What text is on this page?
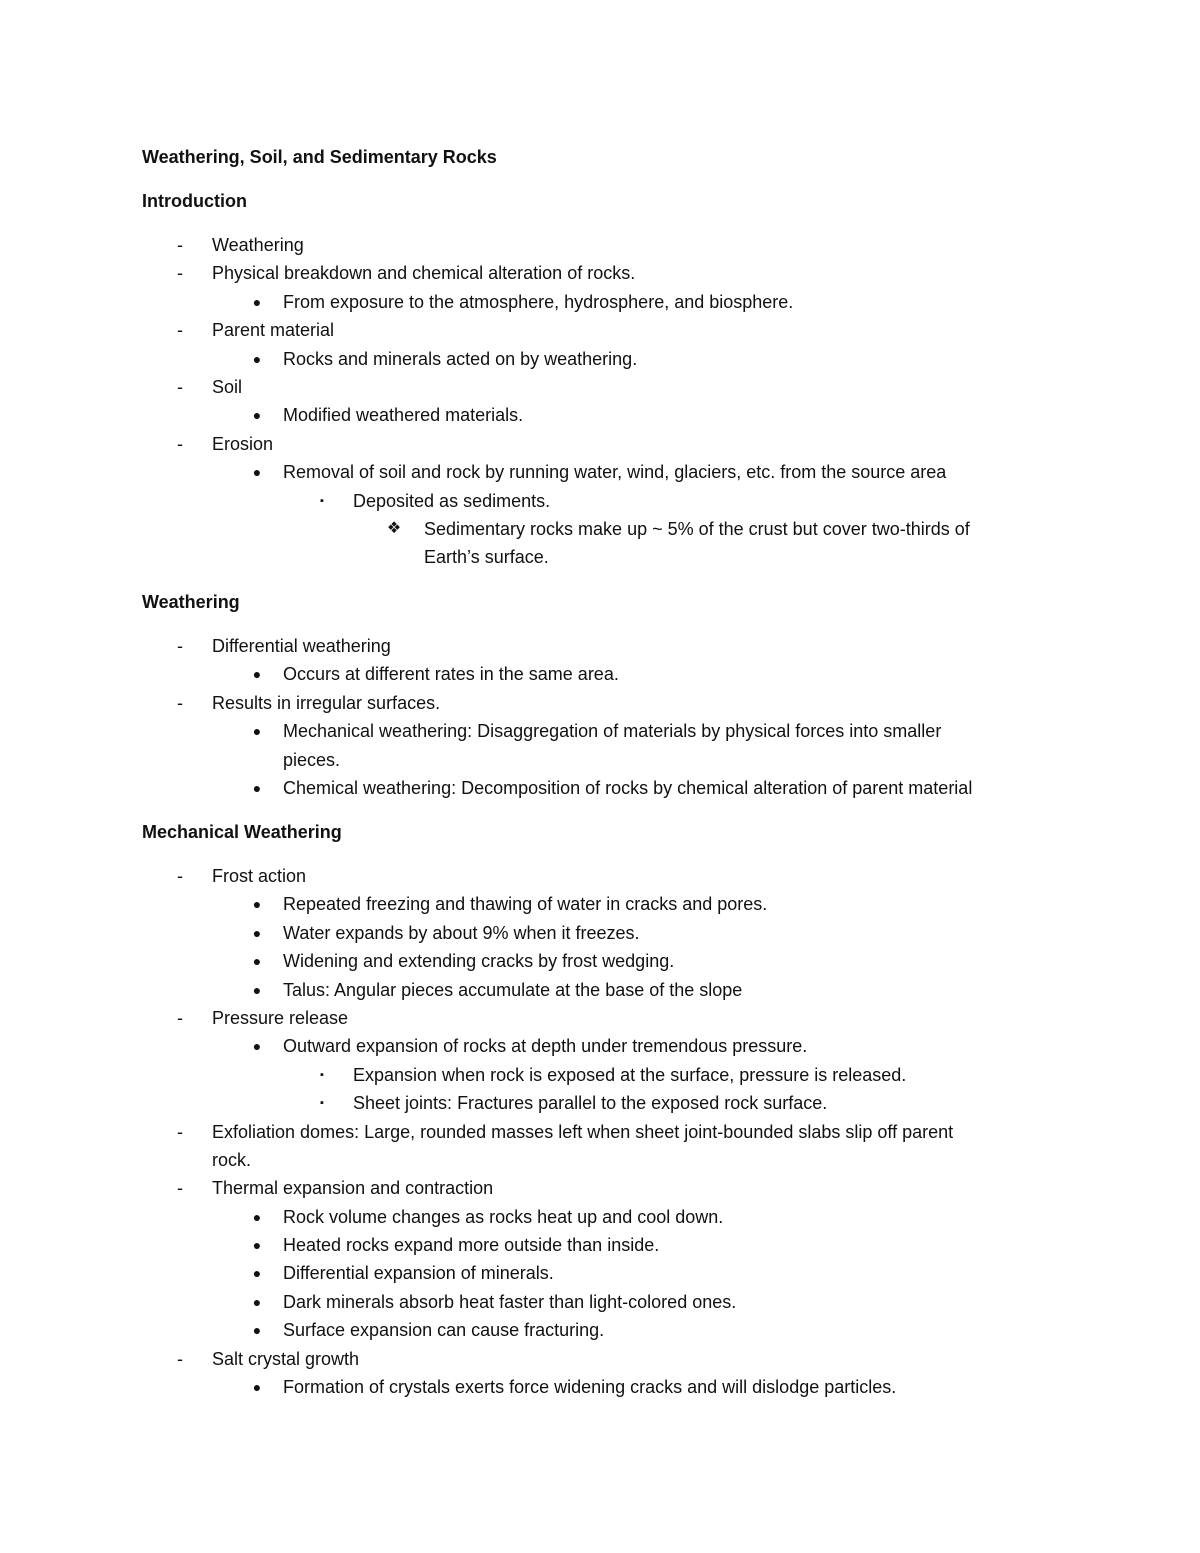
Weathering, Soil, and Sedimentary Rocks
Introduction
-	Weathering
-	Physical breakdown and chemical alteration of rocks.
●	From exposure to the atmosphere, hydrosphere, and biosphere.
-	Parent material
●	Rocks and minerals acted on by weathering.
-	Soil
●	Modified weathered materials.
-	Erosion
●	Removal of soil and rock by running water, wind, glaciers, etc. from the source area
▪	Deposited as sediments.
❖ Sedimentary rocks make up ~ 5% of the crust but cover two-thirds of
Earth’s surface.
Weathering
-	Differential weathering
●	Occurs at different rates in the same area.
-	Results in irregular surfaces.
●	Mechanical weathering: Disaggregation of materials by physical forces into smaller
pieces.
●	Chemical weathering: Decomposition of rocks by chemical alteration of parent material
Mechanical Weathering
-	Frost action
●	Repeated freezing and thawing of water in cracks and pores.
●	Water expands by about 9% when it freezes.
●	Widening and extending cracks by frost wedging.
●	Talus: Angular pieces accumulate at the base of the slope
-	Pressure release
●	Outward expansion of rocks at depth under tremendous pressure.
▪	Expansion when rock is exposed at the surface, pressure is released.
▪	Sheet joints: Fractures parallel to the exposed rock surface.
-	Exfoliation domes: Large, rounded masses left when sheet joint-bounded slabs slip off parent
rock.
-	Thermal expansion and contraction
●	Rock volume changes as rocks heat up and cool down.
●	Heated rocks expand more outside than inside.
●	Differential expansion of minerals.
●	Dark minerals absorb heat faster than light-colored ones.
●	Surface expansion can cause fracturing.
-	Salt crystal growth
●	Formation of crystals exerts force widening cracks and will dislodge particles.
